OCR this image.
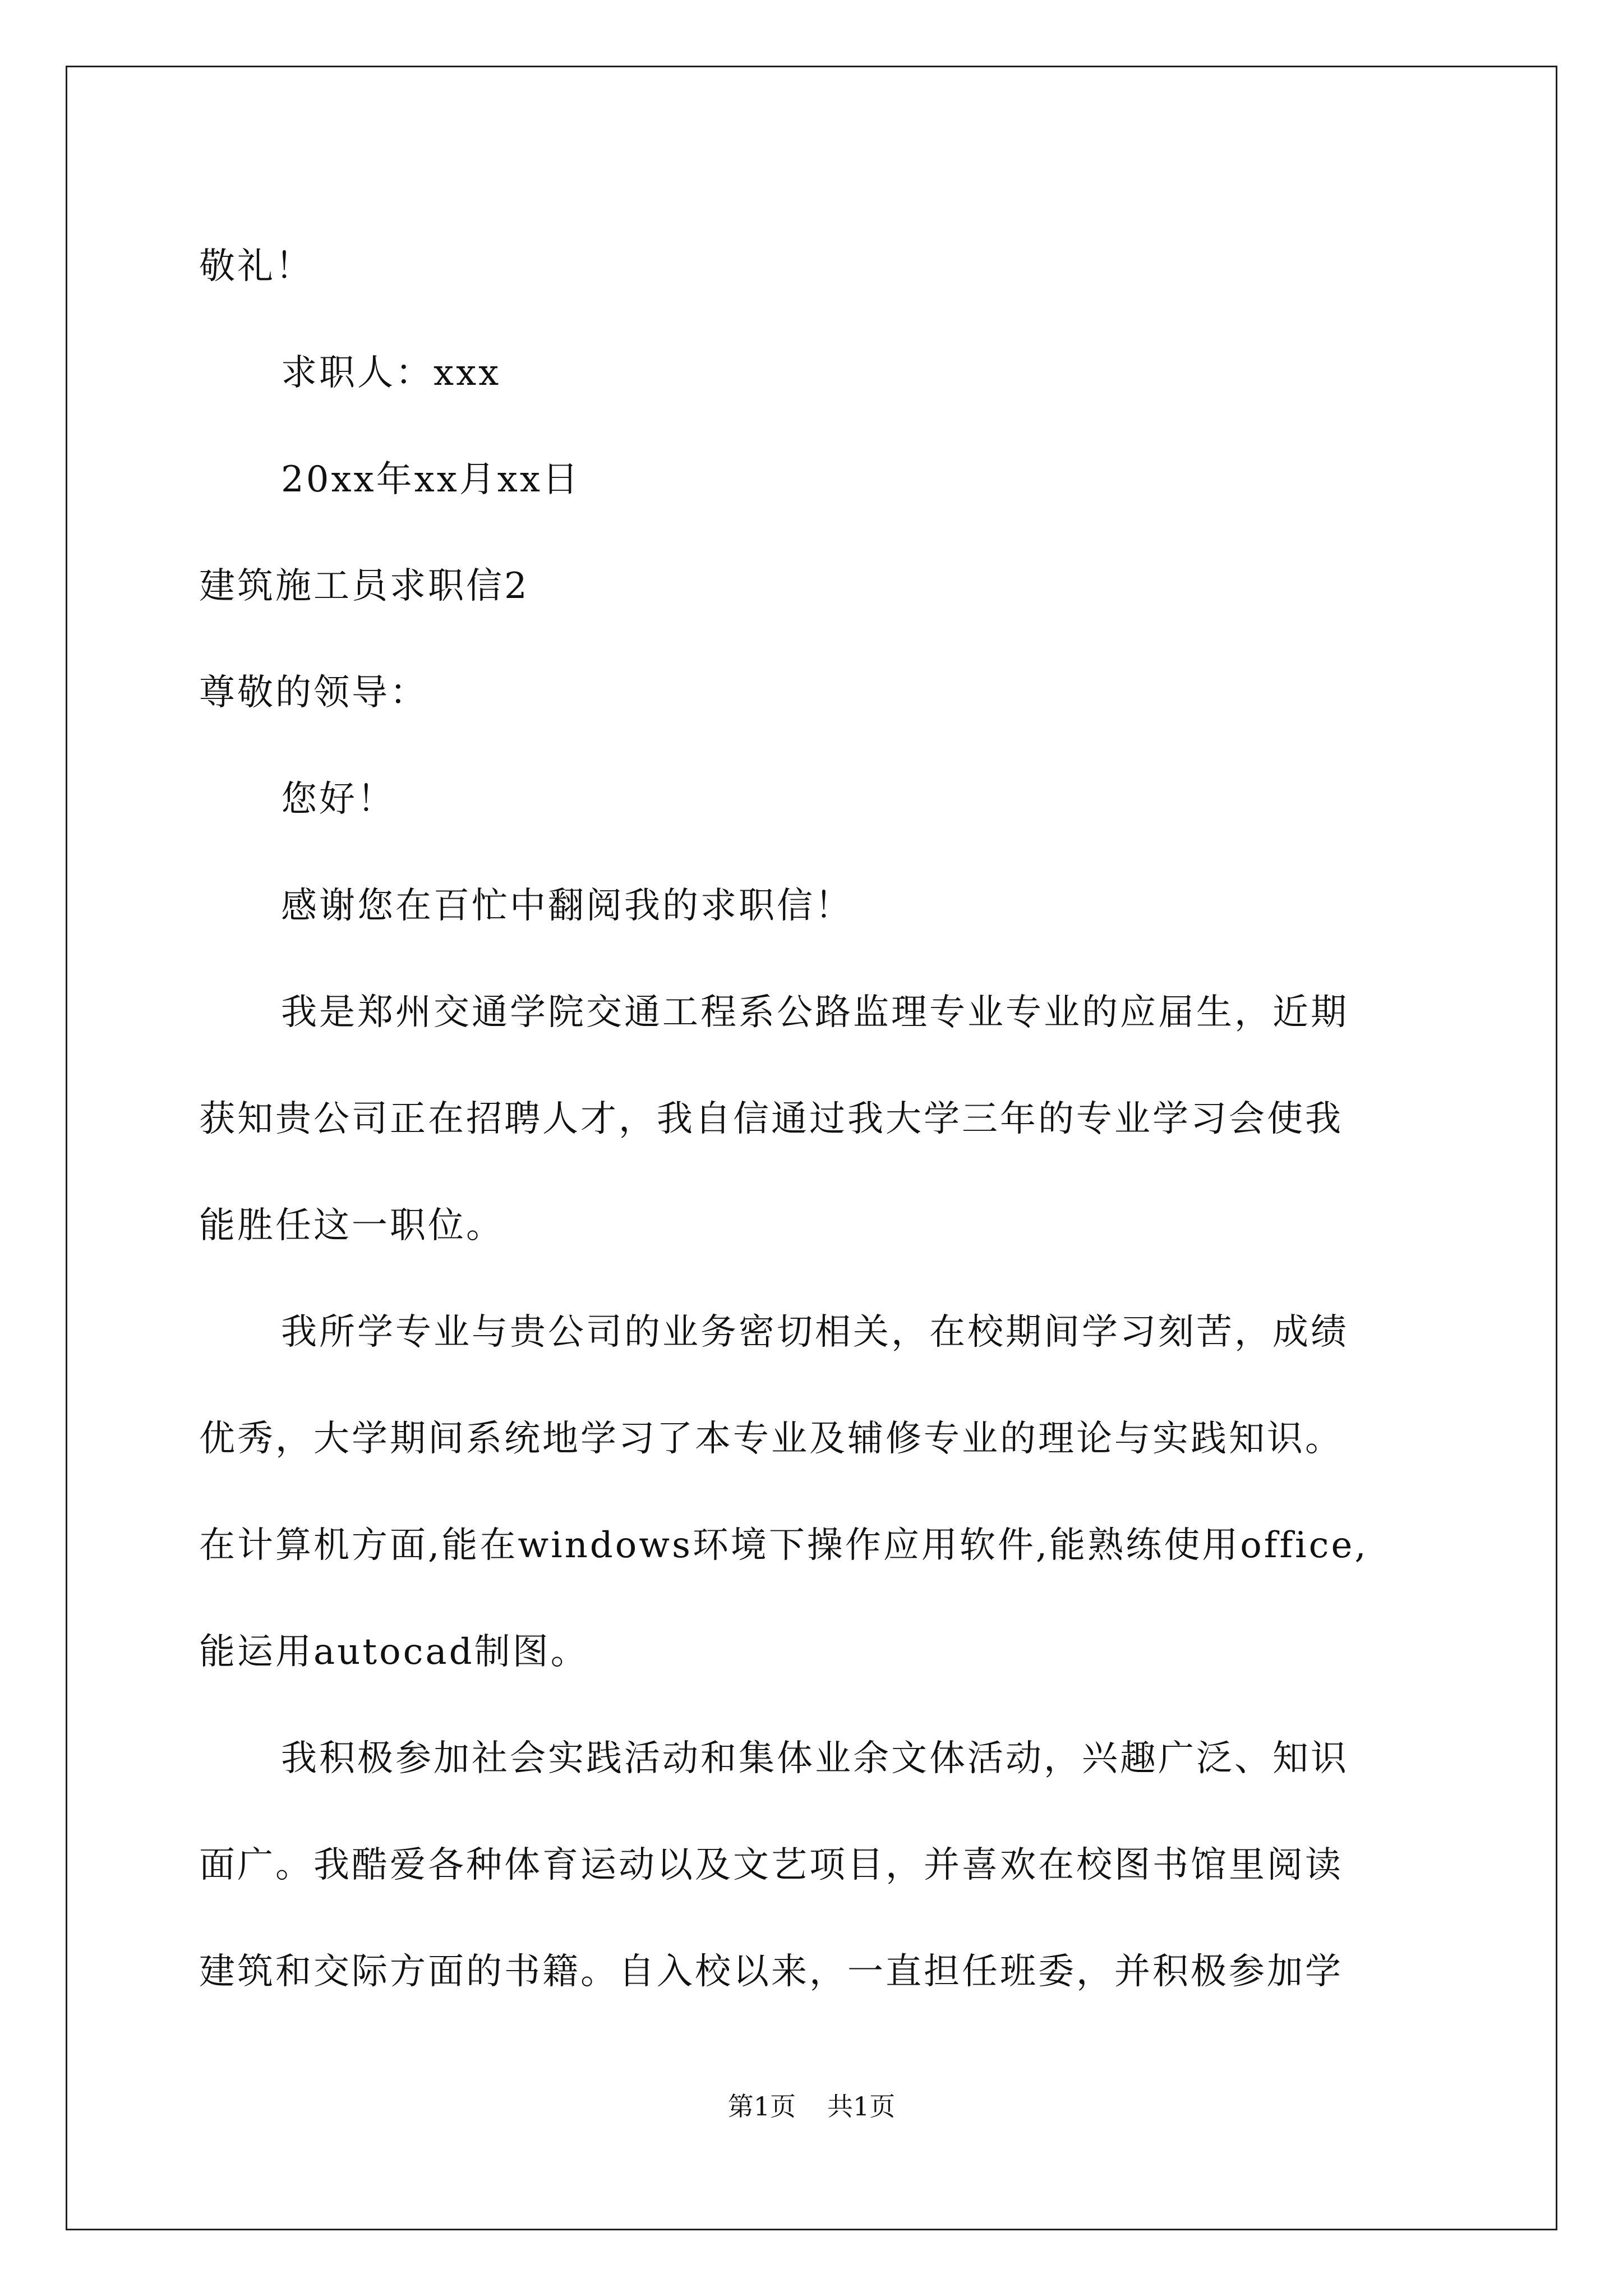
敬礼！
求职人：xxx
20xx年xx月xx日
建筑施工员求职信2
尊敬的领导：
您好！
感谢您在百忙中翻阅我的求职信！
我是郑州交通学院交通工程系公路监理专业专业的应届生，近期
获知贵公司正在招聘人才，我自信通过我大学三年的专业学习会使我
能胜任这一职位。
我所学专业与贵公司的业务密切相关，在校期间学习刻苦，成绩
优秀，大学期间系统地学习了本专业及辅修专业的理论与实践知识。
在计算机方面,能在windows环境下操作应用软件,能熟练使用office,
能运用autocad制图。
我积极参加社会实践活动和集体业余文体活动，兴趣广泛、知识
面广。我酷爱各种体育运动以及文艺项目，并喜欢在校图书馆里阅读
建筑和交际方面的书籍。自入校以来，一直担任班委，并积极参加学
第1页 共1页
